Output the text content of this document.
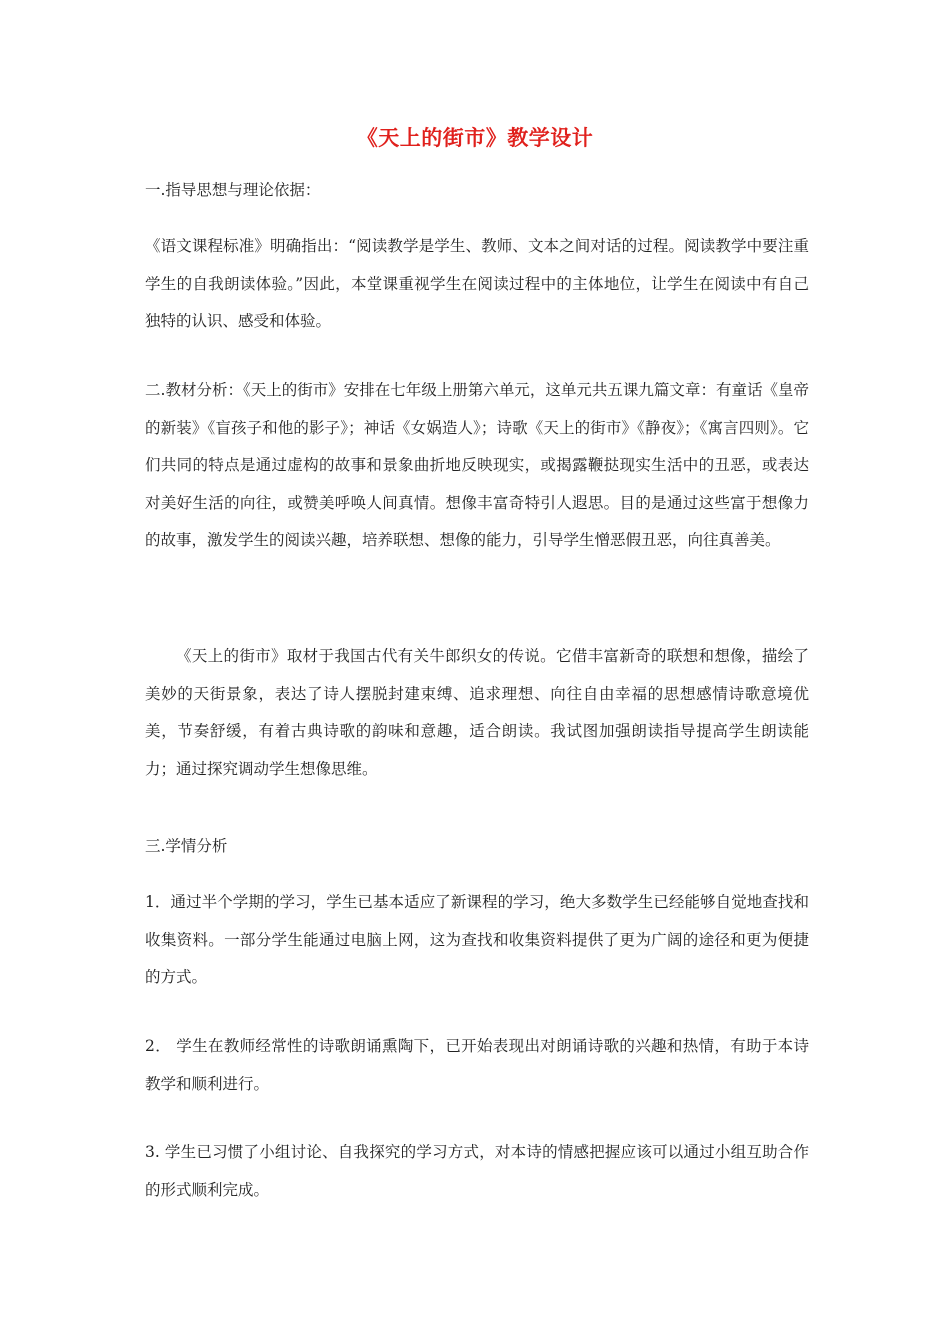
《天上的街市》教学设计

一.指导思想与理论依据：

《语文课程标准》明确指出：“阅读教学是学生、教师、文本之间对话的过程。阅读教学中要注重学生的自我朗读体验。”因此，本堂课重视学生在阅读过程中的主体地位，让学生在阅读中有自己独特的认识、感受和体验。

二.教材分析：《天上的街市》安排在七年级上册第六单元，这单元共五课九篇文章：有童话《皇帝的新装》《盲孩子和他的影子》；神话《女娲造人》；诗歌《天上的街市》《静夜》；《寓言四则》。它们共同的特点是通过虚构的故事和景象曲折地反映现实，或揭露鞭挞现实生活中的丑恶，或表达对美好生活的向往，或赞美呼唤人间真情。想像丰富奇特引人遐思。目的是通过这些富于想像力的故事，激发学生的阅读兴趣，培养联想、想像的能力，引导学生憎恶假丑恶，向往真善美。

《天上的街市》取材于我国古代有关牛郎织女的传说。它借丰富新奇的联想和想像，描绘了美妙的天街景象，表达了诗人摆脱封建束缚、追求理想、向往自由幸福的思想感情诗歌意境优美，节奏舒缓，有着古典诗歌的韵味和意趣，适合朗读。我试图加强朗读指导提高学生朗读能力；通过探究调动学生想像思维。

三.学情分析

1．通过半个学期的学习，学生已基本适应了新课程的学习，绝大多数学生已经能够自觉地查找和收集资料。一部分学生能通过电脑上网，这为查找和收集资料提供了更为广阔的途径和更为便捷的方式。

2． 学生在教师经常性的诗歌朗诵熏陶下，已开始表现出对朗诵诗歌的兴趣和热情，有助于本诗教学和顺利进行。

3. 学生已习惯了小组讨论、自我探究的学习方式，对本诗的情感把握应该可以通过小组互助合作的形式顺利完成。
